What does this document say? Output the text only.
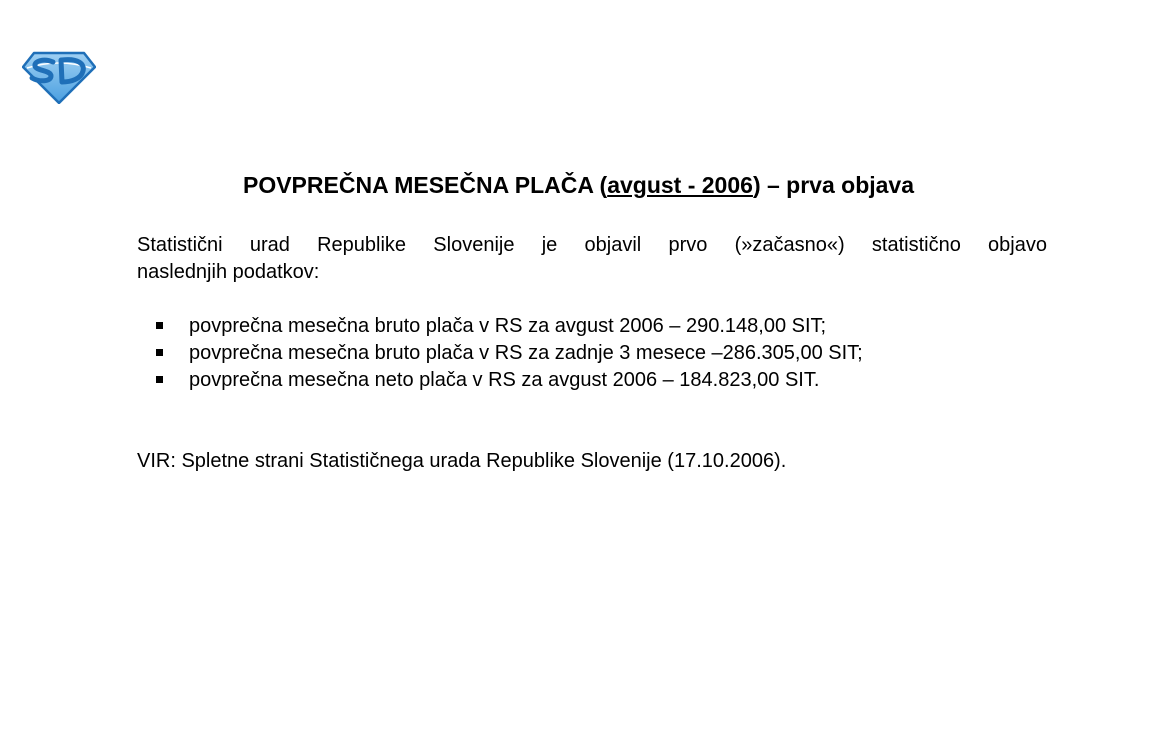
POVPREČNA MESEČNA PLAČA (avgust - 2006) – prva objava
Statistični urad Republike Slovenije je objavil prvo (»začasno«) statistično objavo
naslednjih podatkov:
povprečna mesečna bruto plača v RS za avgust 2006 – 290.148,00 SIT;
povprečna mesečna bruto plača v RS za zadnje 3 mesece –286.305,00 SIT;
povprečna mesečna neto plača v RS za avgust 2006 – 184.823,00 SIT.
VIR: Spletne strani Statističnega urada Republike Slovenije (17.10.2006).
